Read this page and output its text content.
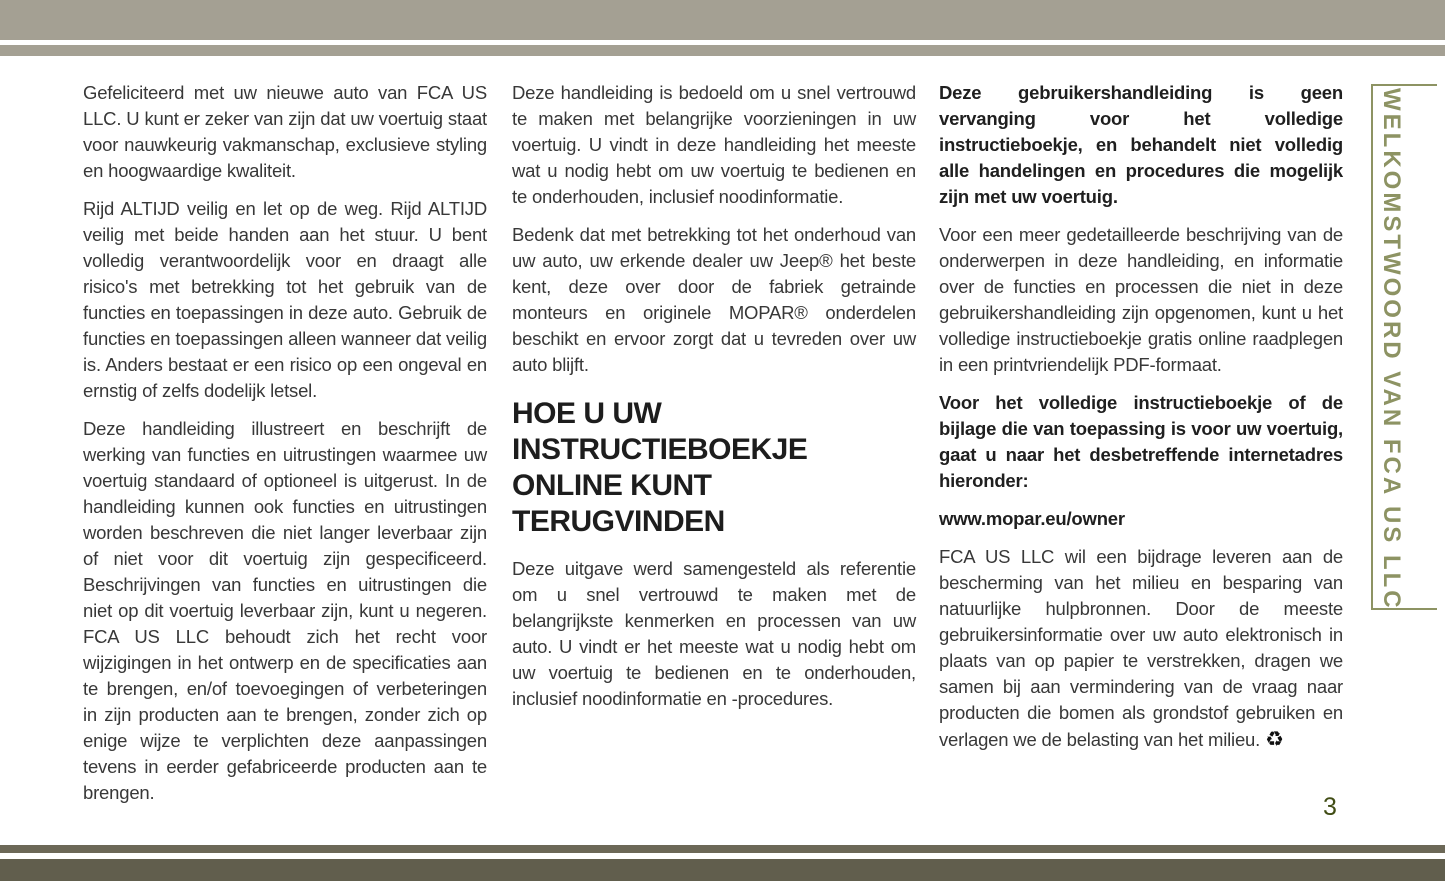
Gefeliciteerd met uw nieuwe auto van FCA US LLC. U kunt er zeker van zijn dat uw voertuig staat voor nauwkeurig vakmanschap, exclusieve styling en hoogwaardige kwaliteit.

Rijd ALTIJD veilig en let op de weg. Rijd ALTIJD veilig met beide handen aan het stuur. U bent volledig verantwoordelijk voor en draagt alle risico's met betrekking tot het gebruik van de functies en toepassingen in deze auto. Gebruik de functies en toepassingen alleen wanneer dat veilig is. Anders bestaat er een risico op een ongeval en ernstig of zelfs dodelijk letsel.

Deze handleiding illustreert en beschrijft de werking van functies en uitrustingen waarmee uw voertuig standaard of optioneel is uitgerust. In de handleiding kunnen ook functies en uitrustingen worden beschreven die niet langer leverbaar zijn of niet voor dit voertuig zijn gespecificeerd. Beschrijvingen van functies en uitrustingen die niet op dit voertuig leverbaar zijn, kunt u negeren. FCA US LLC behoudt zich het recht voor wijzigingen in het ontwerp en de specificaties aan te brengen, en/of toevoegingen of verbeteringen in zijn producten aan te brengen, zonder zich op enige wijze te verplichten deze aanpassingen tevens in eerder gefabriceerde producten aan te brengen.

Deze handleiding is bedoeld om u snel vertrouwd te maken met belangrijke voorzieningen in uw voertuig. U vindt in deze handleiding het meeste wat u nodig hebt om uw voertuig te bedienen en te onderhouden, inclusief noodinformatie.

Bedenk dat met betrekking tot het onderhoud van uw auto, uw erkende dealer uw Jeep® het beste kent, deze over door de fabriek getrainde monteurs en originele MOPAR® onderdelen beschikt en ervoor zorgt dat u tevreden over uw auto blijft.

HOE U UW INSTRUCTIEBOEKJE ONLINE KUNT TERUGVINDEN

Deze uitgave werd samengesteld als referentie om u snel vertrouwd te maken met de belangrijkste kenmerken en processen van uw auto. U vindt er het meeste wat u nodig hebt om uw voertuig te bedienen en te onderhouden, inclusief noodinformatie en -procedures.

Deze gebruikershandleiding is geen vervanging voor het volledige instructieboekje, en behandelt niet volledig alle handelingen en procedures die mogelijk zijn met uw voertuig.

Voor een meer gedetailleerde beschrijving van de onderwerpen in deze handleiding, en informatie over de functies en processen die niet in deze gebruikershandleiding zijn opgenomen, kunt u het volledige instructieboekje gratis online raadplegen in een printvriendelijk PDF-formaat.

Voor het volledige instructieboekje of de bijlage die van toepassing is voor uw voertuig, gaat u naar het desbetreffende internetadres hieronder:

www.mopar.eu/owner

FCA US LLC wil een bijdrage leveren aan de bescherming van het milieu en besparing van natuurlijke hulpbronnen. Door de meeste gebruikersinformatie over uw auto elektronisch in plaats van op papier te verstrekken, dragen we samen bij aan vermindering van de vraag naar producten die bomen als grondstof gebruiken en verlagen we de belasting van het milieu. ♻

WELKOMSTWOORD VAN FCA US LLC
3
